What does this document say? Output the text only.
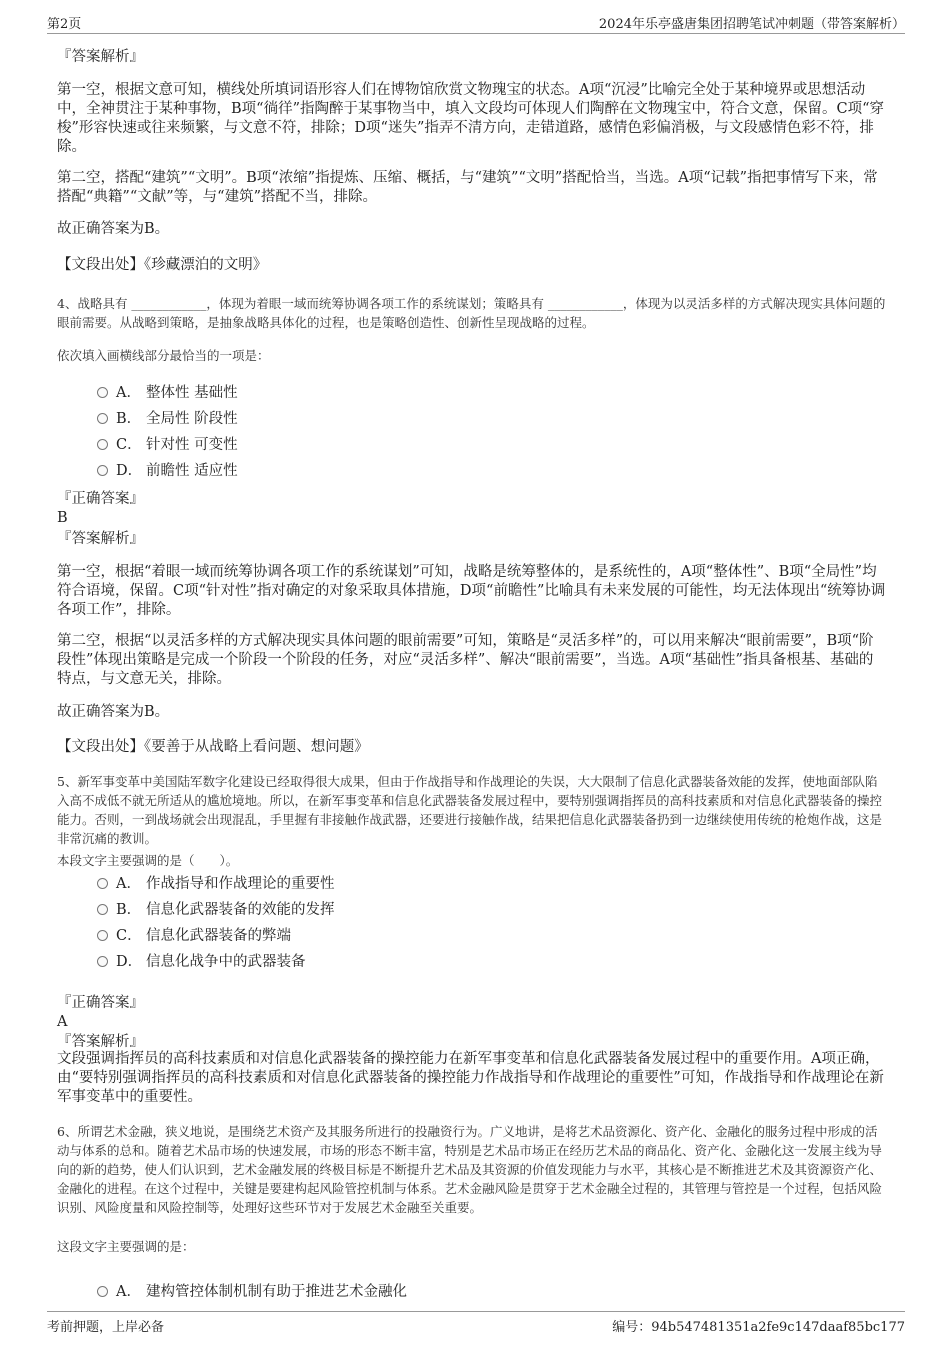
第2页	2024年乐亭盛唐集团招聘笔试冲刺题（带答案解析）

『答案解析』

第一空，根据文意可知，横线处所填词语形容人们在博物馆欣赏文物瑰宝的状态。A项“沉浸”比喻完全处于某种境界或思想活动中，全神贯注于某种事物，B项“徜徉”指陶醉于某事物当中，填入文段均可体现人们陶醉在文物瑰宝中，符合文意，保留。C项“穿梭”形容快速或往来频繁，与文意不符，排除；D项“迷失”指弄不清方向，走错道路，感情色彩偏消极，与文段感情色彩不符，排除。

第二空，搭配“建筑”“文明”。B项“浓缩”指提炼、压缩、概括，与“建筑”“文明”搭配恰当，当选。A项“记载”指把事情写下来，常搭配“典籍”“文献”等，与“建筑”搭配不当，排除。

故正确答案为B。

【文段出处】《珍藏漂泊的文明》

4、战略具有 ____________，体现为着眼一域而统筹协调各项工作的系统谋划；策略具有 ____________，体现为以灵活多样的方式解决现实具体问题的眼前需要。从战略到策略，是抽象战略具体化的过程，也是策略创造性、创新性呈现战略的过程。

依次填入画横线部分最恰当的一项是：

A． 整体性 基础性
B． 全局性 阶段性
C． 针对性 可变性
D． 前瞻性 适应性

『正确答案』

B

『答案解析』

第一空，根据“着眼一域而统筹协调各项工作的系统谋划”可知，战略是统筹整体的，是系统性的，A项“整体性”、B项“全局性”均符合语境，保留。C项“针对性”指对确定的对象采取具体措施，D项“前瞻性”比喻具有未来发展的可能性，均无法体现出“统筹协调各项工作”，排除。

第二空，根据“以灵活多样的方式解决现实具体问题的眼前需要”可知，策略是“灵活多样”的，可以用来解决“眼前需要”，B项“阶段性”体现出策略是完成一个阶段一个阶段的任务，对应“灵活多样”、解决“眼前需要”，当选。A项“基础性”指具备根基、基础的特点，与文意无关，排除。

故正确答案为B。

【文段出处】《要善于从战略上看问题、想问题》

5、新军事变革中美国陆军数字化建设已经取得很大成果，但由于作战指导和作战理论的失误，大大限制了信息化武器装备效能的发挥，使地面部队陷入高不成低不就无所适从的尴尬境地。所以，在新军事变革和信息化武器装备发展过程中，要特别强调指挥员的高科技素质和对信息化武器装备的操控能力。否则，一到战场就会出现混乱，手里握有非接触作战武器，还要进行接触作战，结果把信息化武器装备扔到一边继续使用传统的枪炮作战，这是非常沉痛的教训。

本段文字主要强调的是（　　）。

A． 作战指导和作战理论的重要性
B． 信息化武器装备的效能的发挥
C． 信息化武器装备的弊端
D． 信息化战争中的武器装备

『正确答案』

A

『答案解析』

文段强调指挥员的高科技素质和对信息化武器装备的操控能力在新军事变革和信息化武器装备发展过程中的重要作用。A项正确，由“要特别强调指挥员的高科技素质和对信息化武器装备的操控能力作战指导和作战理论的重要性”可知，作战指导和作战理论在新军事变革中的重要性。

6、所谓艺术金融，狭义地说，是围绕艺术资产及其服务所进行的投融资行为。广义地讲，是将艺术品资源化、资产化、金融化的服务过程中形成的活动与体系的总和。随着艺术品市场的快速发展，市场的形态不断丰富，特别是艺术品市场正在经历艺术品的商品化、资产化、金融化这一发展主线为导向的新的趋势，使人们认识到，艺术金融发展的终极目标是不断提升艺术品及其资源的价值发现能力与水平，其核心是不断推进艺术及其资源资产化、金融化的进程。在这个过程中，关键是要建构起风险管控机制与体系。艺术金融风险是贯穿于艺术金融全过程的，其管理与管控是一个过程，包括风险识别、风险度量和风险控制等，处理好这些环节对于发展艺术金融至关重要。

这段文字主要强调的是：

A． 建构管控体制机制有助于推进艺术金融化
考前押题，上岸必备	编号：94b547481351a2fe9c147daaf85bc177
